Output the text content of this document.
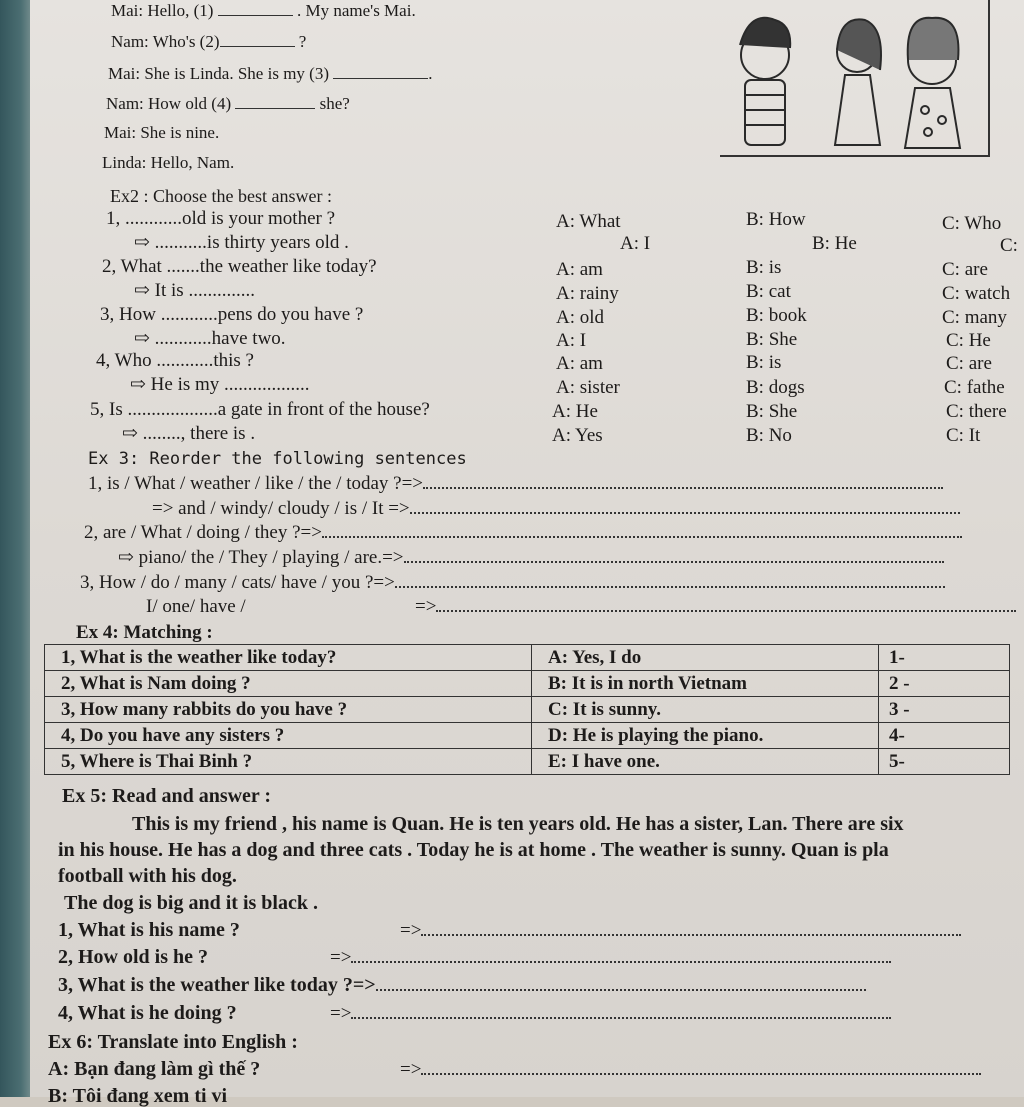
Mai: Hello, (1)	. My name's Mai.
Nam: Who's (2)	?
Mai: She is Linda. She is my (3)	.
Nam: How old (4)	she?
Mai: She is nine.
Linda: Hello, Nam.
Ex2 : Choose the best answer :
1, ............old is your mother ?	A: What	B: How	C: Who
⇨ ...........is thirty years old .	A: I	B: He	C:
2, What .......the weather like today?	A: am	B: is	C: are
⇨ It is ..............	A: rainy	B: cat	C: watch
3, How ............pens do you have ?	A: old	B: book	C: many
⇨ ............have two.	A: I	B: She	C: He
4, Who ............this ?	A: am	B: is	C: are
⇨ He is my ..................	A: sister	B: dogs	C: fathe
5, Is ...................a gate in front of the house?	A: He	B: She	C: there
⇨ ........, there is .	A: Yes	B: No	C: It
Ex 3: Reorder the following sentences
1, is / What / weather / like / the / today ?=>
=> and / windy/ cloudy / is / It =>
2, are / What / doing / they ?=>
⇨ piano/ the / They / playing / are.=>
3, How / do / many / cats/ have / you ?=>
I/ one/ have /	=>
Ex 4: Matching :
1, What is the weather like today?	A: Yes, I do	1-
2, What is Nam doing ?	B: It is in north Vietnam	2 -
3, How many rabbits do you have ?	C: It is sunny.	3 -
4, Do you have any sisters ?	D: He is playing the piano.	4-
5, Where is Thai Binh ?	E: I have one.	5-
Ex 5: Read and answer :
This is my friend , his name is Quan. He is ten years old. He has a sister, Lan. There are six
in his house. He has a dog and three cats . Today he is at home . The weather is sunny. Quan is pla
football with his dog.
The dog is big and it is black .
1, What is his name ?	=>
2, How old is he ?	=>
3, What is the weather like today ?=>
4, What is he doing ?	=>
Ex 6: Translate into English :
A: Bạn đang làm gì thế ?	=>
B: Tôi đang xem ti vi
